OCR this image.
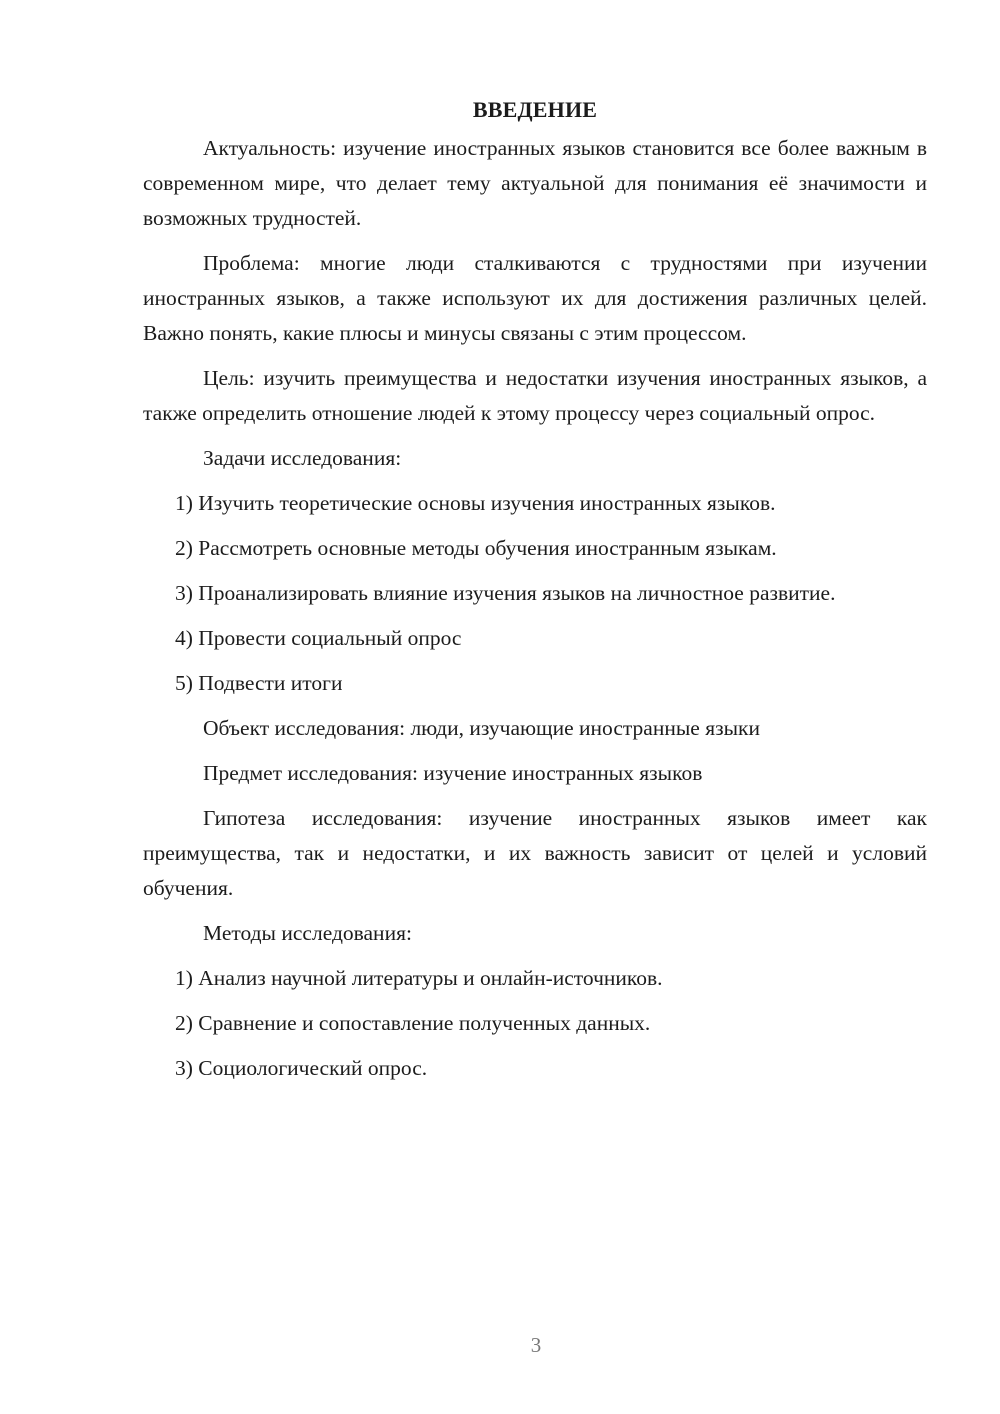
ВВЕДЕНИЕ

Актуальность: изучение иностранных языков становится все более важным в современном мире, что делает тему актуальной для понимания её значимости и возможных трудностей.

Проблема: многие люди сталкиваются с трудностями при изучении иностранных языков, а также используют их для достижения различных целей. Важно понять, какие плюсы и минусы связаны с этим процессом.

Цель: изучить преимущества и недостатки изучения иностранных языков, а также определить отношение людей к этому процессу через социальный опрос.

Задачи исследования:

1) Изучить теоретические основы изучения иностранных языков.

2) Рассмотреть основные методы обучения иностранным языкам.

3) Проанализировать влияние изучения языков на личностное развитие.

4) Провести социальный опрос

5) Подвести итоги

Объект исследования: люди, изучающие иностранные языки

Предмет исследования: изучение иностранных языков

Гипотеза исследования: изучение иностранных языков имеет как преимущества, так и недостатки, и их важность зависит от целей и условий обучения.

Методы исследования:

1) Анализ научной литературы и онлайн-источников.

2) Сравнение и сопоставление полученных данных.

3) Социологический опрос.

3
